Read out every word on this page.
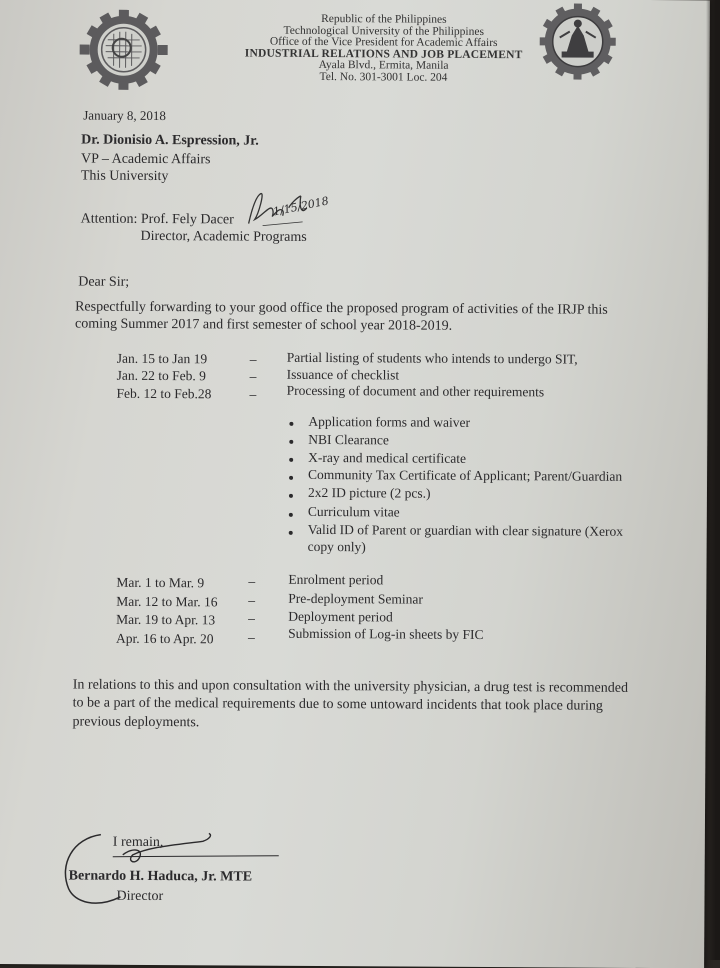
Republic of the Philippines
Technological University of the Philippines
Office of the Vice President for Academic Affairs
INDUSTRIAL RELATIONS AND JOB PLACEMENT
Ayala Blvd., Ermita, Manila
Tel. No. 301-3001 Loc. 204
January 8, 2018
Dr. Dionisio A. Espression, Jr.
VP – Academic Affairs
This University
Attention: Prof. Fely Dacer
Director, Academic Programs
1/15/2018
Dear Sir;
Respectfully forwarding to your good office the proposed program of activities of the IRJP this
coming Summer 2017 and first semester of school year 2018-2019.
Jan. 15 to Jan 19	– Partial listing of students who intends to undergo SIT,
Jan. 22 to Feb. 9	– Issuance of checklist
Feb. 12 to Feb.28	– Processing of document and other requirements
Application forms and waiver
NBI Clearance
X-ray and medical certificate
Community Tax Certificate of Applicant; Parent/Guardian
2x2 ID picture (2 pcs.)
Curriculum vitae
Valid ID of Parent or guardian with clear signature (Xerox
copy only)
Mar. 1 to Mar. 9	– Enrolment period
Mar. 12 to Mar. 16 – Pre-deployment Seminar
Mar. 19 to Apr. 13 – Deployment period
Apr. 16 to Apr. 20	– Submission of Log-in sheets by FIC
In relations to this and upon consultation with the university physician, a drug test is recommended
to be a part of the medical requirements due to some untoward incidents that took place during
previous deployments.
I remain,
Bernardo H. Haduca, Jr. MTE
Director
